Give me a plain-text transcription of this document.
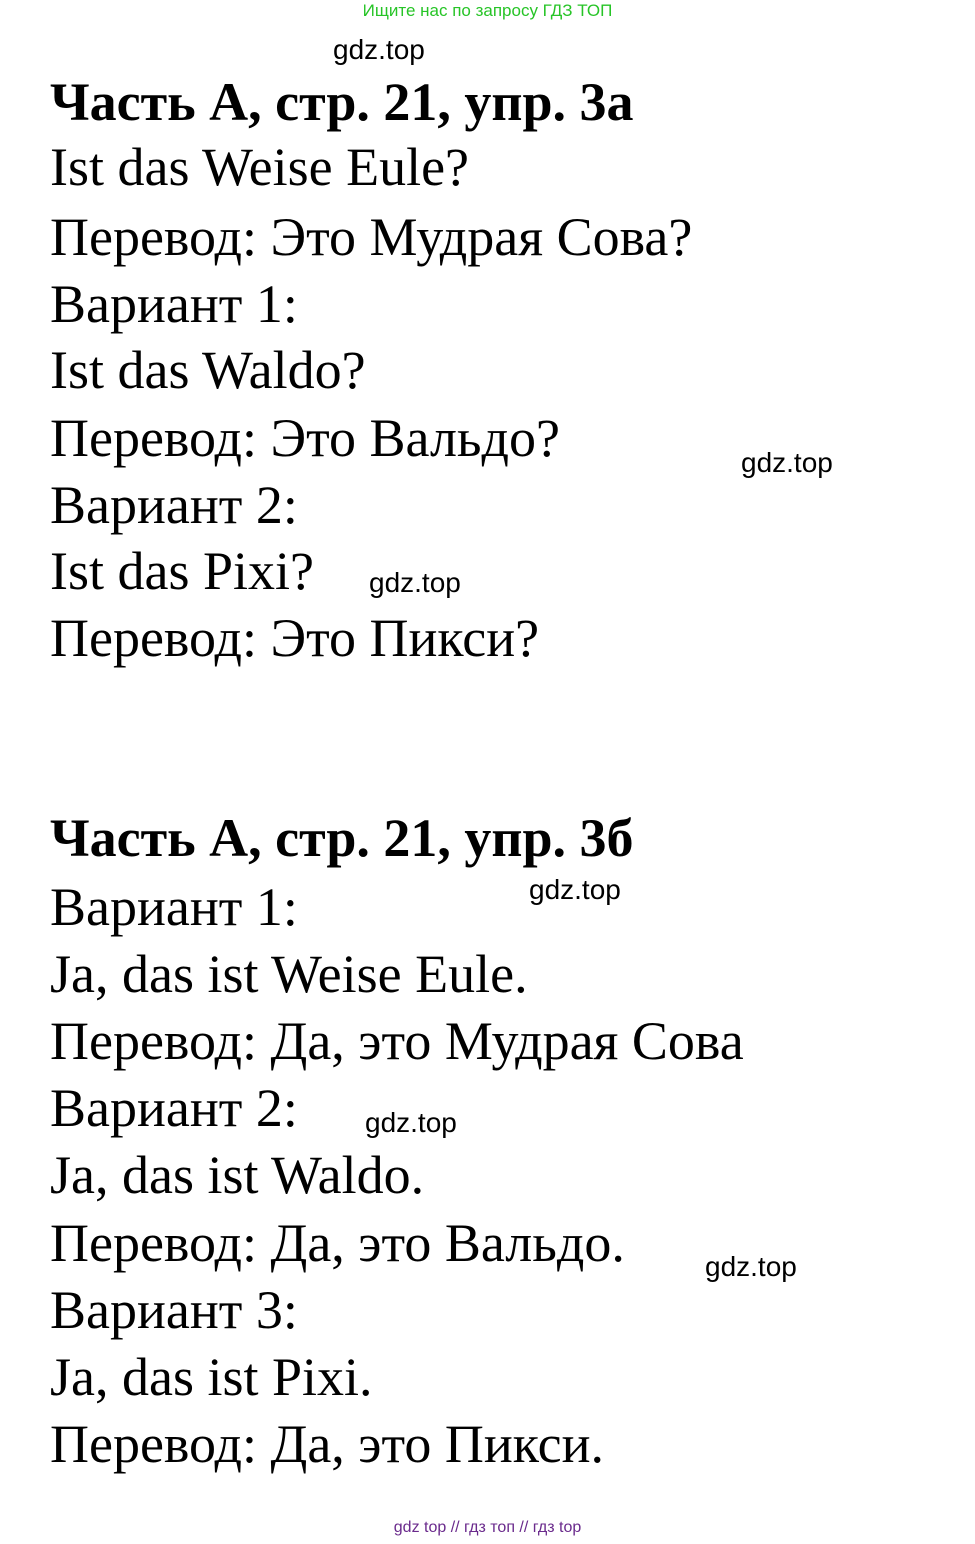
Ищите нас по запросу ГДЗ ТОП
gdz.top
Часть А, стр. 21, упр. 3а
Ist das Weise Eule?
Перевод: Это Мудрая Сова?
Вариант 1:
Ist das Waldo?
Перевод: Это Вальдо?
Вариант 2:
Ist das Pixi?
Перевод: Это Пикси?
gdz.top
gdz.top
Часть А, стр. 21, упр. 3б
gdz.top
Вариант 1:
Ja, das ist Weise Eule.
Перевод: Да, это Мудрая Сова
Вариант 2:
Ja, das ist Waldo.
Перевод: Да, это Вальдо.
Вариант 3:
Ja, das ist Pixi.
Перевод: Да, это Пикси.
gdz.top
gdz.top
gdz top // гдз топ // гдз top
